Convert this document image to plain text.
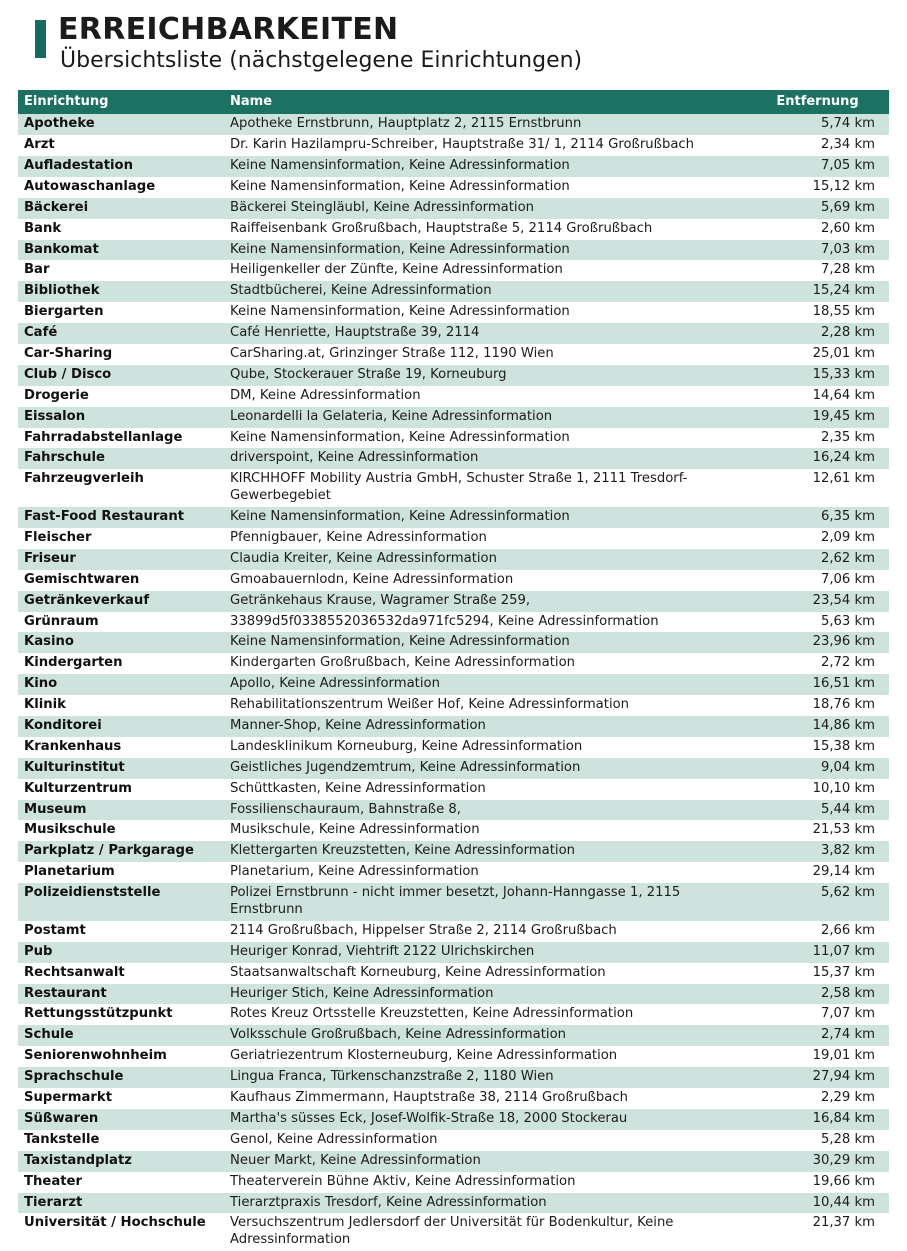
ERREICHBARKEITEN
Übersichtsliste (nächstgelegene Einrichtungen)
Einrichtung	Name	Entfernung
Apotheke	Apotheke Ernstbrunn, Hauptplatz 2, 2115 Ernstbrunn	5,74 km
Arzt	Dr. Karin Hazilampru-Schreiber, Hauptstraße 31/ 1, 2114 Großrußbach	2,34 km
Aufladestation	Keine Namensinformation, Keine Adressinformation	7,05 km
Autowaschanlage	Keine Namensinformation, Keine Adressinformation	15,12 km
Bäckerei	Bäckerei Steingläubl, Keine Adressinformation	5,69 km
Bank	Raiffeisenbank Großrußbach, Hauptstraße 5, 2114 Großrußbach	2,60 km
Bankomat	Keine Namensinformation, Keine Adressinformation	7,03 km
Bar	Heiligenkeller der Zünfte, Keine Adressinformation	7,28 km
Bibliothek	Stadtbücherei, Keine Adressinformation	15,24 km
Biergarten	Keine Namensinformation, Keine Adressinformation	18,55 km
Café	Café Henriette, Hauptstraße 39, 2114	2,28 km
Car-Sharing	CarSharing.at, Grinzinger Straße 112, 1190 Wien	25,01 km
Club / Disco	Qube, Stockerauer Straße 19, Korneuburg	15,33 km
Drogerie	DM, Keine Adressinformation	14,64 km
Eissalon	Leonardelli la Gelateria, Keine Adressinformation	19,45 km
Fahrradabstellanlage	Keine Namensinformation, Keine Adressinformation	2,35 km
Fahrschule	driverspoint, Keine Adressinformation	16,24 km
Fahrzeugverleih	KIRCHHOFF Mobility Austria GmbH, Schuster Straße 1, 2111 Tresdorf-Gewerbegebiet	12,61 km
Fast-Food Restaurant	Keine Namensinformation, Keine Adressinformation	6,35 km
Fleischer	Pfennigbauer, Keine Adressinformation	2,09 km
Friseur	Claudia Kreiter, Keine Adressinformation	2,62 km
Gemischtwaren	Gmoabauernlodn, Keine Adressinformation	7,06 km
Getränkeverkauf	Getränkehaus Krause, Wagramer Straße 259,	23,54 km
Grünraum	33899d5f0338552036532da971fc5294, Keine Adressinformation	5,63 km
Kasino	Keine Namensinformation, Keine Adressinformation	23,96 km
Kindergarten	Kindergarten Großrußbach, Keine Adressinformation	2,72 km
Kino	Apollo, Keine Adressinformation	16,51 km
Klinik	Rehabilitationszentrum Weißer Hof, Keine Adressinformation	18,76 km
Konditorei	Manner-Shop, Keine Adressinformation	14,86 km
Krankenhaus	Landesklinikum Korneuburg, Keine Adressinformation	15,38 km
Kulturinstitut	Geistliches Jugendzemtrum, Keine Adressinformation	9,04 km
Kulturzentrum	Schüttkasten, Keine Adressinformation	10,10 km
Museum	Fossilienschauraum, Bahnstraße 8,	5,44 km
Musikschule	Musikschule, Keine Adressinformation	21,53 km
Parkplatz / Parkgarage	Klettergarten Kreuzstetten, Keine Adressinformation	3,82 km
Planetarium	Planetarium, Keine Adressinformation	29,14 km
Polizeidienststelle	Polizei Ernstbrunn - nicht immer besetzt, Johann-Hanngasse 1, 2115 Ernstbrunn	5,62 km
Postamt	2114 Großrußbach, Hippelser Straße 2, 2114 Großrußbach	2,66 km
Pub	Heuriger Konrad, Viehtrift 2122 Ulrichskirchen	11,07 km
Rechtsanwalt	Staatsanwaltschaft Korneuburg, Keine Adressinformation	15,37 km
Restaurant	Heuriger Stich, Keine Adressinformation	2,58 km
Rettungsstützpunkt	Rotes Kreuz Ortsstelle Kreuzstetten, Keine Adressinformation	7,07 km
Schule	Volksschule Großrußbach, Keine Adressinformation	2,74 km
Seniorenwohnheim	Geriatriezentrum Klosterneuburg, Keine Adressinformation	19,01 km
Sprachschule	Lingua Franca, Türkenschanzstraße 2, 1180 Wien	27,94 km
Supermarkt	Kaufhaus Zimmermann, Hauptstraße 38, 2114 Großrußbach	2,29 km
Süßwaren	Martha's süsses Eck, Josef-Wolfik-Straße 18, 2000 Stockerau	16,84 km
Tankstelle	Genol, Keine Adressinformation	5,28 km
Taxistandplatz	Neuer Markt, Keine Adressinformation	30,29 km
Theater	Theaterverein Bühne Aktiv, Keine Adressinformation	19,66 km
Tierarzt	Tierarztpraxis Tresdorf, Keine Adressinformation	10,44 km
Universität / Hochschule	Versuchszentrum Jedlersdorf der Universität für Bodenkultur, Keine Adressinformation	21,37 km
